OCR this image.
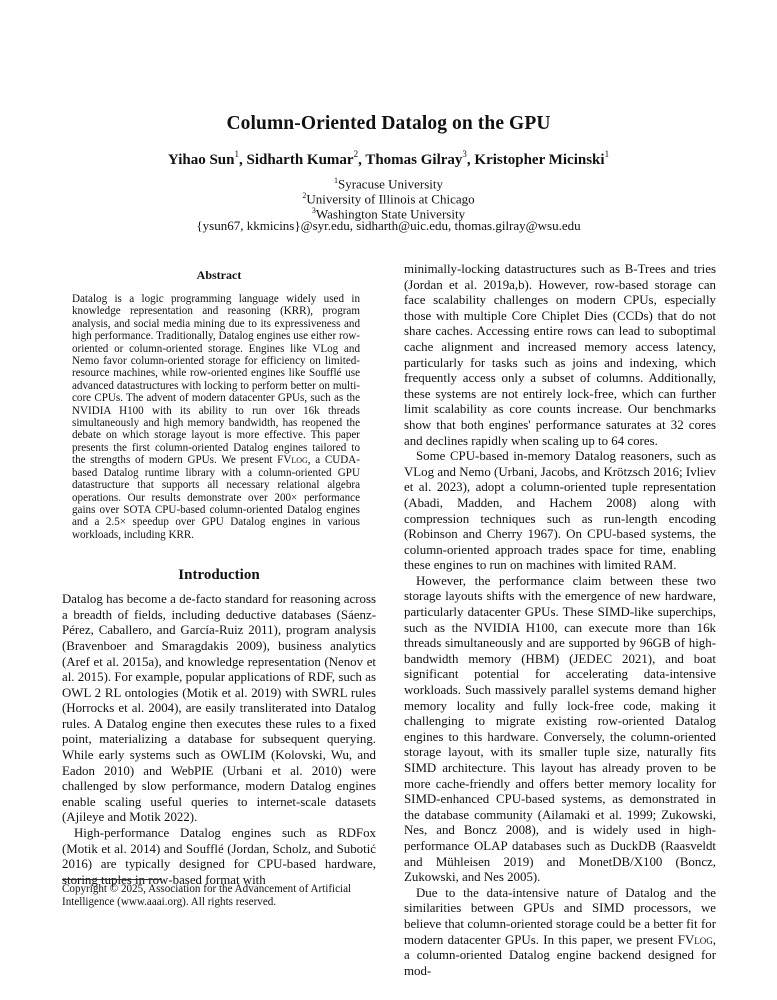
Column-Oriented Datalog on the GPU
Yihao Sun$^1$, Sidharth Kumar$^2$, Thomas Gilray$^3$, Kristopher Micinski$^1$
$^1$Syracuse University
$^2$University of Illinois at Chicago
$^3$Washington State University
{ysun67, kkmicins}@syr.edu, sidharth@uic.edu, thomas.gilray@wsu.edu
Abstract
Datalog is a logic programming language widely used in knowledge representation and reasoning (KRR), program analysis, and social media mining due to its expressiveness and high performance. Traditionally, Datalog engines use either row-oriented or column-oriented storage. Engines like VLog and Nemo favor column-oriented storage for efficiency on limited-resource machines, while row-oriented engines like Soufflé use advanced datastructures with locking to perform better on multi-core CPUs. The advent of modern datacenter GPUs, such as the NVIDIA H100 with its ability to run over 16k threads simultaneously and high memory bandwidth, has reopened the debate on which storage layout is more effective. This paper presents the first column-oriented Datalog engines tailored to the strengths of modern GPUs. We present FVlog, a CUDA-based Datalog runtime library with a column-oriented GPU datastructure that supports all necessary relational algebra operations. Our results demonstrate over 200× performance gains over SOTA CPU-based column-oriented Datalog engines and a 2.5× speedup over GPU Datalog engines in various workloads, including KRR.
Introduction

Datalog has become a de-facto standard for reasoning across a breadth of fields, including deductive databases (Sáenz-Pérez, Caballero, and García-Ruiz 2011), program analysis (Bravenboer and Smaragdakis 2009), business analytics (Aref et al. 2015a), and knowledge representation (Nenov et al. 2015). For example, popular applications of RDF, such as OWL 2 RL ontologies (Motik et al. 2019) with SWRL rules (Horrocks et al. 2004), are easily transliterated into Datalog rules. A Datalog engine then executes these rules to a fixed point, materializing a database for subsequent querying. While early systems such as OWLIM (Kolovski, Wu, and Eadon 2010) and WebPIE (Urbani et al. 2010) were challenged by slow performance, modern Datalog engines enable scaling useful queries to internet-scale datasets (Ajileye and Motik 2022).

High-performance Datalog engines such as RDFox (Motik et al. 2014) and Soufflé (Jordan, Scholz, and Subotić 2016) are typically designed for CPU-based hardware, storing tuples in row-based format with

minimally-locking datastructures such as B-Trees and tries (Jordan et al. 2019a,b). However, row-based storage can face scalability challenges on modern CPUs, especially those with multiple Core Chiplet Dies (CCDs) that do not share caches. Accessing entire rows can lead to suboptimal cache alignment and increased memory access latency, particularly for tasks such as joins and indexing, which frequently access only a subset of columns. Additionally, these systems are not entirely lock-free, which can further limit scalability as core counts increase. Our benchmarks show that both engines' performance saturates at 32 cores and declines rapidly when scaling up to 64 cores.

Some CPU-based in-memory Datalog reasoners, such as VLog and Nemo (Urbani, Jacobs, and Krötzsch 2016; Ivliev et al. 2023), adopt a column-oriented tuple representation (Abadi, Madden, and Hachem 2008) along with compression techniques such as run-length encoding (Robinson and Cherry 1967). On CPU-based systems, the column-oriented approach trades space for time, enabling these engines to run on machines with limited RAM.

However, the performance claim between these two storage layouts shifts with the emergence of new hardware, particularly datacenter GPUs. These SIMD-like superchips, such as the NVIDIA H100, can execute more than 16k threads simultaneously and are supported by 96GB of high-bandwidth memory (HBM) (JEDEC 2021), and boat significant potential for accelerating data-intensive workloads. Such massively parallel systems demand higher memory locality and fully lock-free code, making it challenging to migrate existing row-oriented Datalog engines to this hardware. Conversely, the column-oriented storage layout, with its smaller tuple size, naturally fits SIMD architecture. This layout has already proven to be more cache-friendly and offers better memory locality for SIMD-enhanced CPU-based systems, as demonstrated in the database community (Ailamaki et al. 1999; Zukowski, Nes, and Boncz 2008), and is widely used in high-performance OLAP databases such as DuckDB (Raasveldt and Mühleisen 2019) and MonetDB/X100 (Boncz, Zukowski, and Nes 2005).

Due to the data-intensive nature of Datalog and the similarities between GPUs and SIMD processors, we believe that column-oriented storage could be a better fit for modern datacenter GPUs. In this paper, we present FVlog, a column-oriented Datalog engine backend designed for mod-

Copyright © 2025, Association for the Advancement of Artificial Intelligence (www.aaai.org). All rights reserved.
